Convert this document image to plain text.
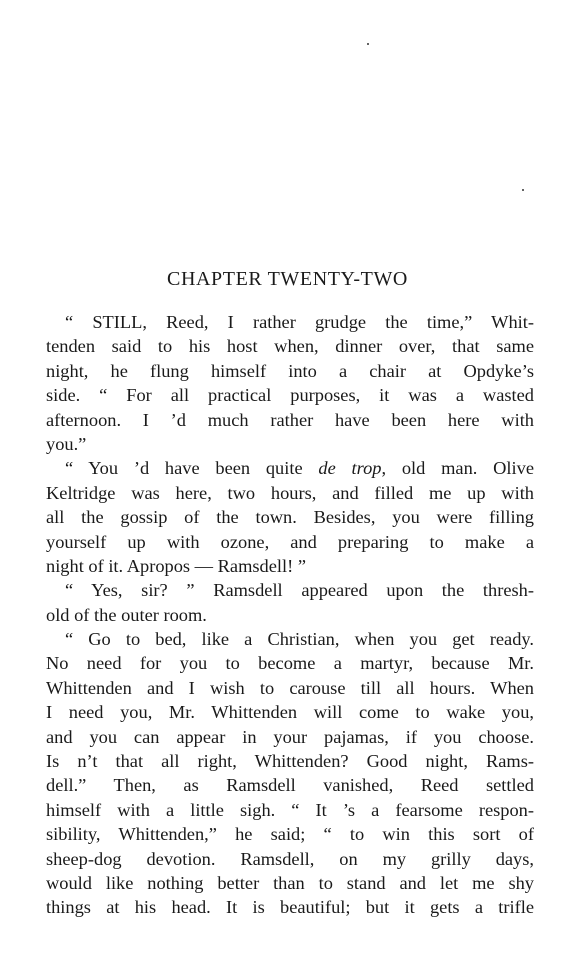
CHAPTER TWENTY-TWO
“ STILL, Reed, I rather grudge the time,” Whit-
tenden said to his host when, dinner over, that same
night, he flung himself into a chair at Opdyke’s
side. “ For all practical purposes, it was a wasted
afternoon. I ’d much rather have been here with
you.”
“ You ’d have been quite de trop, old man. Olive
Keltridge was here, two hours, and filled me up with
all the gossip of the town. Besides, you were filling
yourself up with ozone, and preparing to make a
night of it. Apropos — Ramsdell! ”
“ Yes, sir? ” Ramsdell appeared upon the thresh-
old of the outer room.
“ Go to bed, like a Christian, when you get ready.
No need for you to become a martyr, because Mr.
Whittenden and I wish to carouse till all hours. When
I need you, Mr. Whittenden will come to wake you,
and you can appear in your pajamas, if you choose.
Is n’t that all right, Whittenden? Good night, Rams-
dell.” Then, as Ramsdell vanished, Reed settled
himself with a little sigh. “ It ’s a fearsome respon-
sibility, Whittenden,” he said; “ to win this sort of
sheep-dog devotion. Ramsdell, on my grilly days,
would like nothing better than to stand and let me shy
things at his head. It is beautiful; but it gets a trifle
